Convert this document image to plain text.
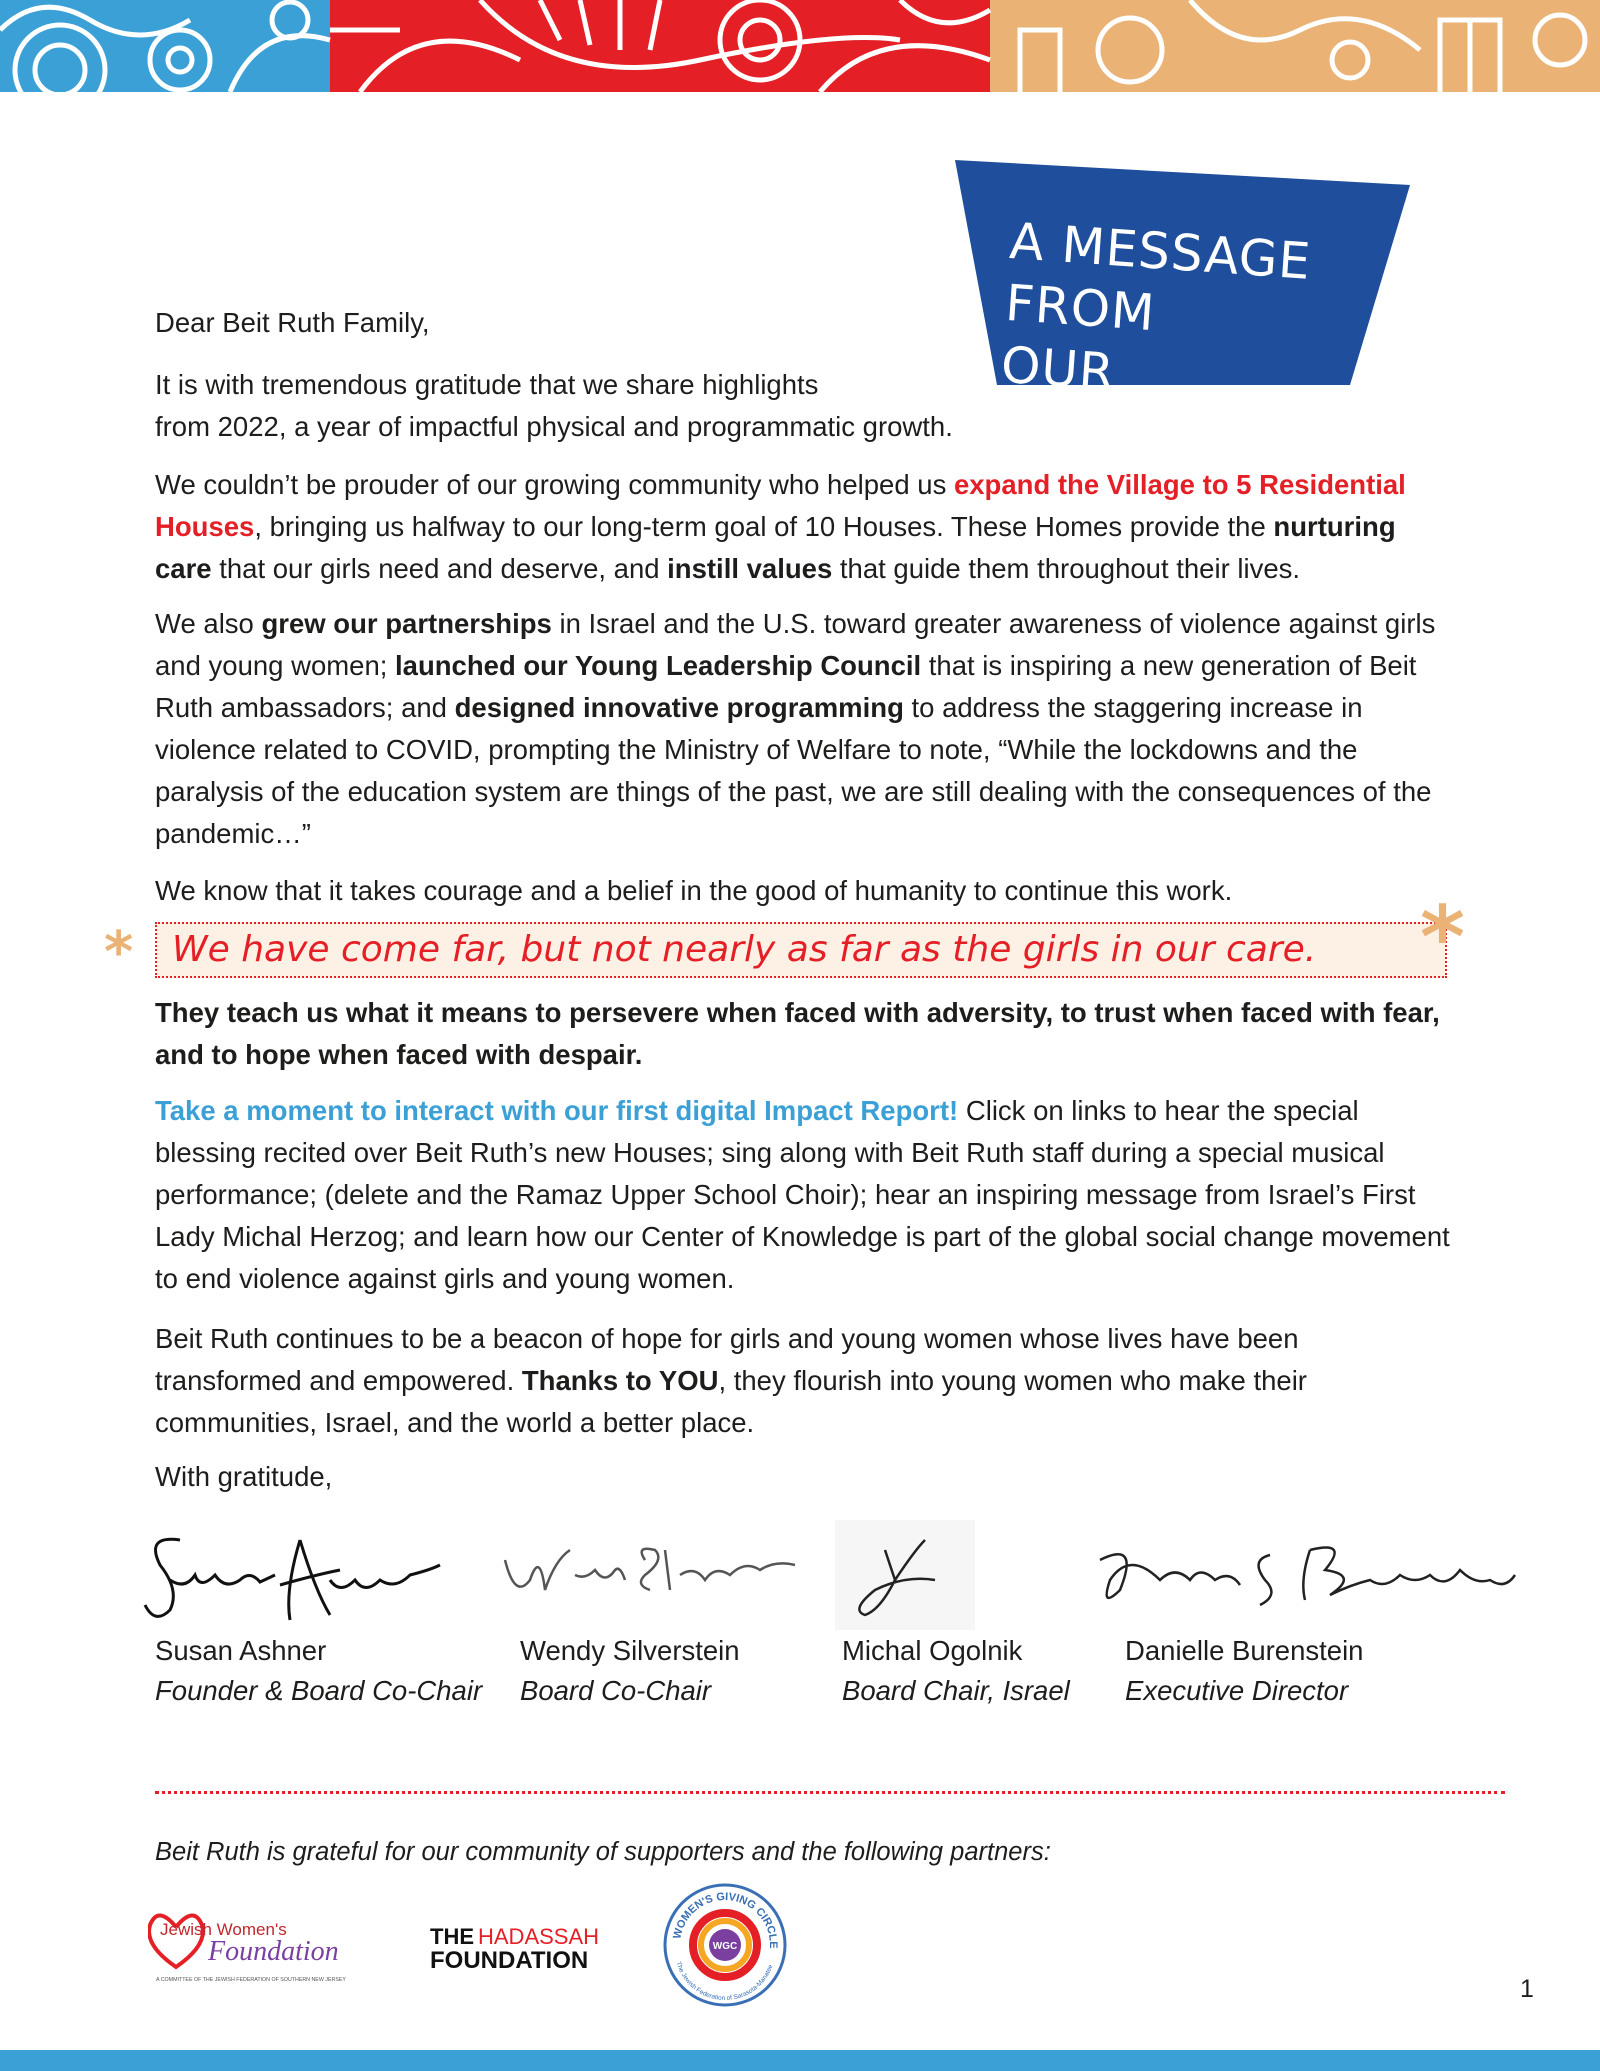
A MESSAGE FROM
OUR LEADERSHIP
Dear Beit Ruth Family,

It is with tremendous gratitude that we share highlights

from 2022, a year of impactful physical and programmatic growth.

We couldn’t be prouder of our growing community who helped us expand the Village to 5 Residential Houses, bringing us halfway to our long-term goal of 10 Houses. These Homes provide the nurturing care that our girls need and deserve, and instill values that guide them throughout their lives.

We also grew our partnerships in Israel and the U.S. toward greater awareness of violence against girls and young women; launched our Young Leadership Council that is inspiring a new generation of Beit Ruth ambassadors; and designed innovative programming to address the staggering increase in violence related to COVID, prompting the Ministry of Welfare to note, “While the lockdowns and the paralysis of the education system are things of the past, we are still dealing with the consequences of the pandemic…”

We know that it takes courage and a belief in the good of humanity to continue this work.
We have come far, but not nearly as far as the girls in our care.
*	*
They teach us what it means to persevere when faced with adversity, to trust when faced with fear, and to hope when faced with despair.

Take a moment to interact with our first digital Impact Report! Click on links to hear the special blessing recited over Beit Ruth’s new Houses; sing along with Beit Ruth staff during a special musical performance; (delete and the Ramaz Upper School Choir); hear an inspiring message from Israel’s First Lady Michal Herzog; and learn how our Center of Knowledge is part of the global social change movement to end violence against girls and young women.

Beit Ruth continues to be a beacon of hope for girls and young women whose lives have been transformed and empowered. Thanks to YOU, they flourish into young women who make their communities, Israel, and the world a better place.

With gratitude,
Susan Ashner
Founder & Board Co-Chair
Wendy Silverstein
Board Co-Chair
Michal Ogolnik
Board Chair, Israel
Danielle Burenstein
Executive Director
Beit Ruth is grateful for our community of supporters and the following partners:
Jewish Women's
Foundation
A COMMITTEE OF THE JEWISH FEDERATION OF SOUTHERN NEW JERSEY
THE HADASSAH
FOUNDATION
WOMEN'S GIVING CIRCLE
WGC
The Jewish Federation of Sarasota-Manatee
1
